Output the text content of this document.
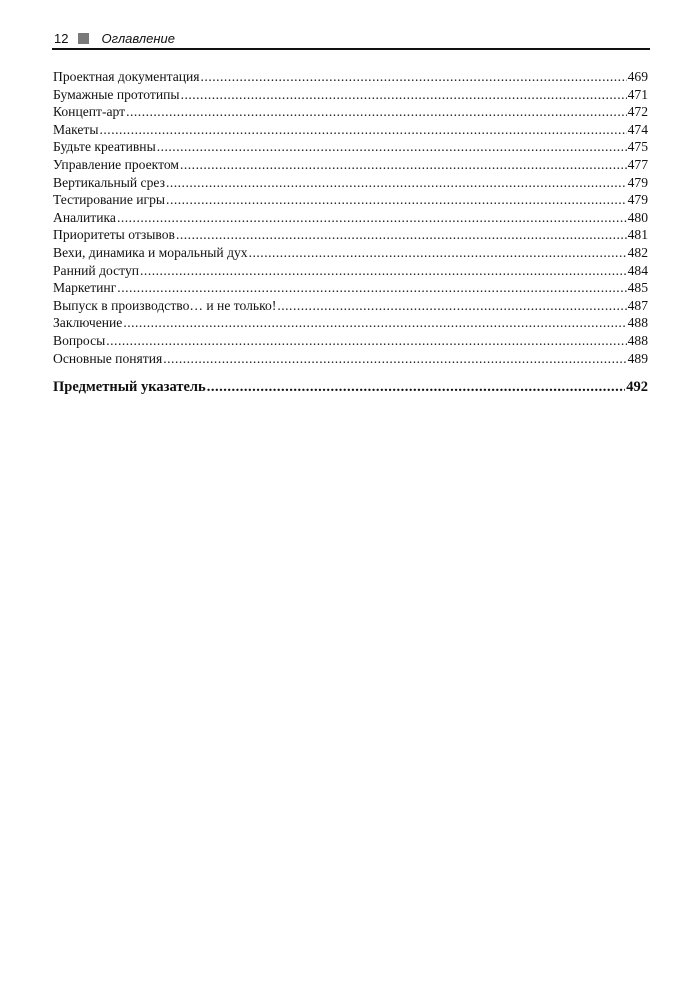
12	Оглавление
Проектная документация .....	469
Бумажные прототипы .....	471
Концепт-арт .....	472
Макеты .....	474
Будьте креативны .....	475
Управление проектом .....	477
Вертикальный срез .....	479
Тестирование игры .....	479
Аналитика .....	480
Приоритеты отзывов .....	481
Вехи, динамика и моральный дух .....	482
Ранний доступ .....	484
Маркетинг .....	485
Выпуск в производство… и не только! .....	487
Заключение .....	488
Вопросы .....	488
Основные понятия .....	489
Предметный указатель .....	492
